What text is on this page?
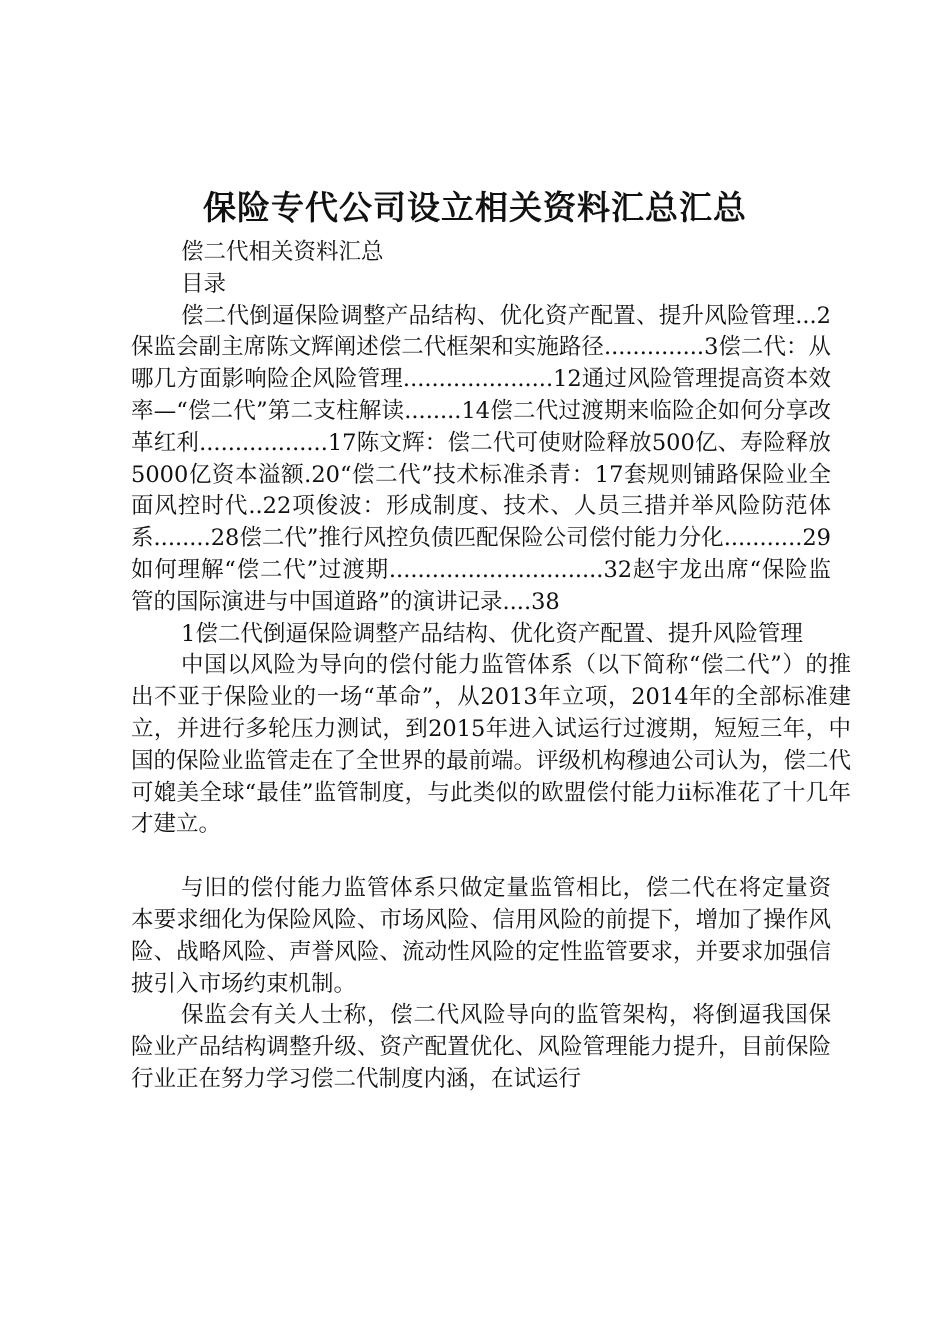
保险专代公司设立相关资料汇总汇总

偿二代相关资料汇总

目录

偿二代倒逼保险调整产品结构、优化资产配置、提升风险管理...2保监会副主席陈文辉阐述偿二代框架和实施路径..............3偿二代：从哪几方面影响险企风险管理.....................12通过风险管理提高资本效率—“偿二代”第二支柱解读........14偿二代过渡期来临险企如何分享改革红利..................17陈文辉：偿二代可使财险释放500亿、寿险释放5000亿资本溢额.20“偿二代”技术标准杀青：17套规则铺路保险业全面风控时代..22项俊波：形成制度、技术、人员三措并举风险防范体系........28偿二代”推行风控负债匹配保险公司偿付能力分化...........29如何理解“偿二代”过渡期..............................32赵宇龙出席“保险监管的国际演进与中国道路”的演讲记录....38

1偿二代倒逼保险调整产品结构、优化资产配置、提升风险管理

中国以风险为导向的偿付能力监管体系（以下简称“偿二代”）的推出不亚于保险业的一场“革命”，从2013年立项，2014年的全部标准建立，并进行多轮压力测试，到2015年进入试运行过渡期，短短三年，中国的保险业监管走在了全世界的最前端。评级机构穆迪公司认为，偿二代可媲美全球“最佳”监管制度，与此类似的欧盟偿付能力ii标准花了十几年才建立。

与旧的偿付能力监管体系只做定量监管相比，偿二代在将定量资本要求细化为保险风险、市场风险、信用风险的前提下，增加了操作风险、战略风险、声誉风险、流动性风险的定性监管要求，并要求加强信披引入市场约束机制。

保监会有关人士称，偿二代风险导向的监管架构，将倒逼我国保险业产品结构调整升级、资产配置优化、风险管理能力提升，目前保险行业正在努力学习偿二代制度内涵，在试运行
